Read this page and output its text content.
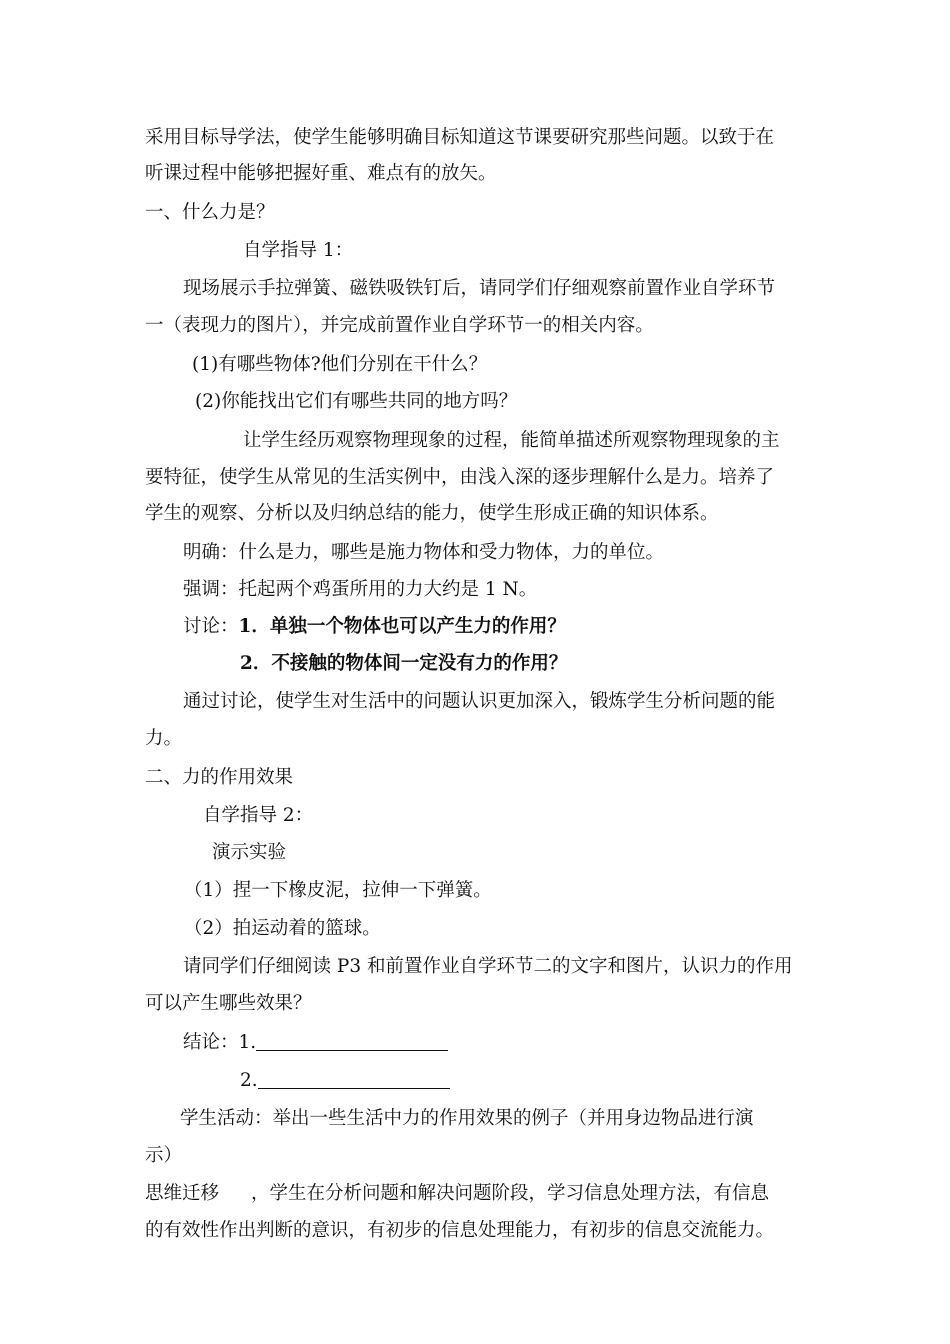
采用目标导学法，使学生能够明确目标知道这节课要研究那些问题。以致于在
听课过程中能够把握好重、难点有的放矢。
一、什么力是？
自学指导 1：
现场展示手拉弹簧、磁铁吸铁钉后，请同学们仔细观察前置作业自学环节
一（表现力的图片），并完成前置作业自学环节一的相关内容。
(1)有哪些物体?他们分别在干什么？
(2)你能找出它们有哪些共同的地方吗？
让学生经历观察物理现象的过程，能简单描述所观察物理现象的主
要特征，使学生从常见的生活实例中，由浅入深的逐步理解什么是力。培养了
学生的观察、分析以及归纳总结的能力，使学生形成正确的知识体系。
明确：什么是力，哪些是施力物体和受力物体，力的单位。
强调：托起两个鸡蛋所用的力大约是 1 N。
讨论：1．单独一个物体也可以产生力的作用？
2．不接触的物体间一定没有力的作用？
通过讨论，使学生对生活中的问题认识更加深入，锻炼学生分析问题的能
力。
二、力的作用效果
自学指导 2：
演示实验
（1）捏一下橡皮泥，拉伸一下弹簧。
（2）拍运动着的篮球。
请同学们仔细阅读 P3 和前置作业自学环节二的文字和图片，认识力的作用
可以产生哪些效果？
结论：1.
2.
学生活动：举出一些生活中力的作用效果的例子（并用身边物品进行演
示）
思维迁移 ，学生在分析问题和解决问题阶段，学习信息处理方法，有信息
的有效性作出判断的意识，有初步的信息处理能力，有初步的信息交流能力。
